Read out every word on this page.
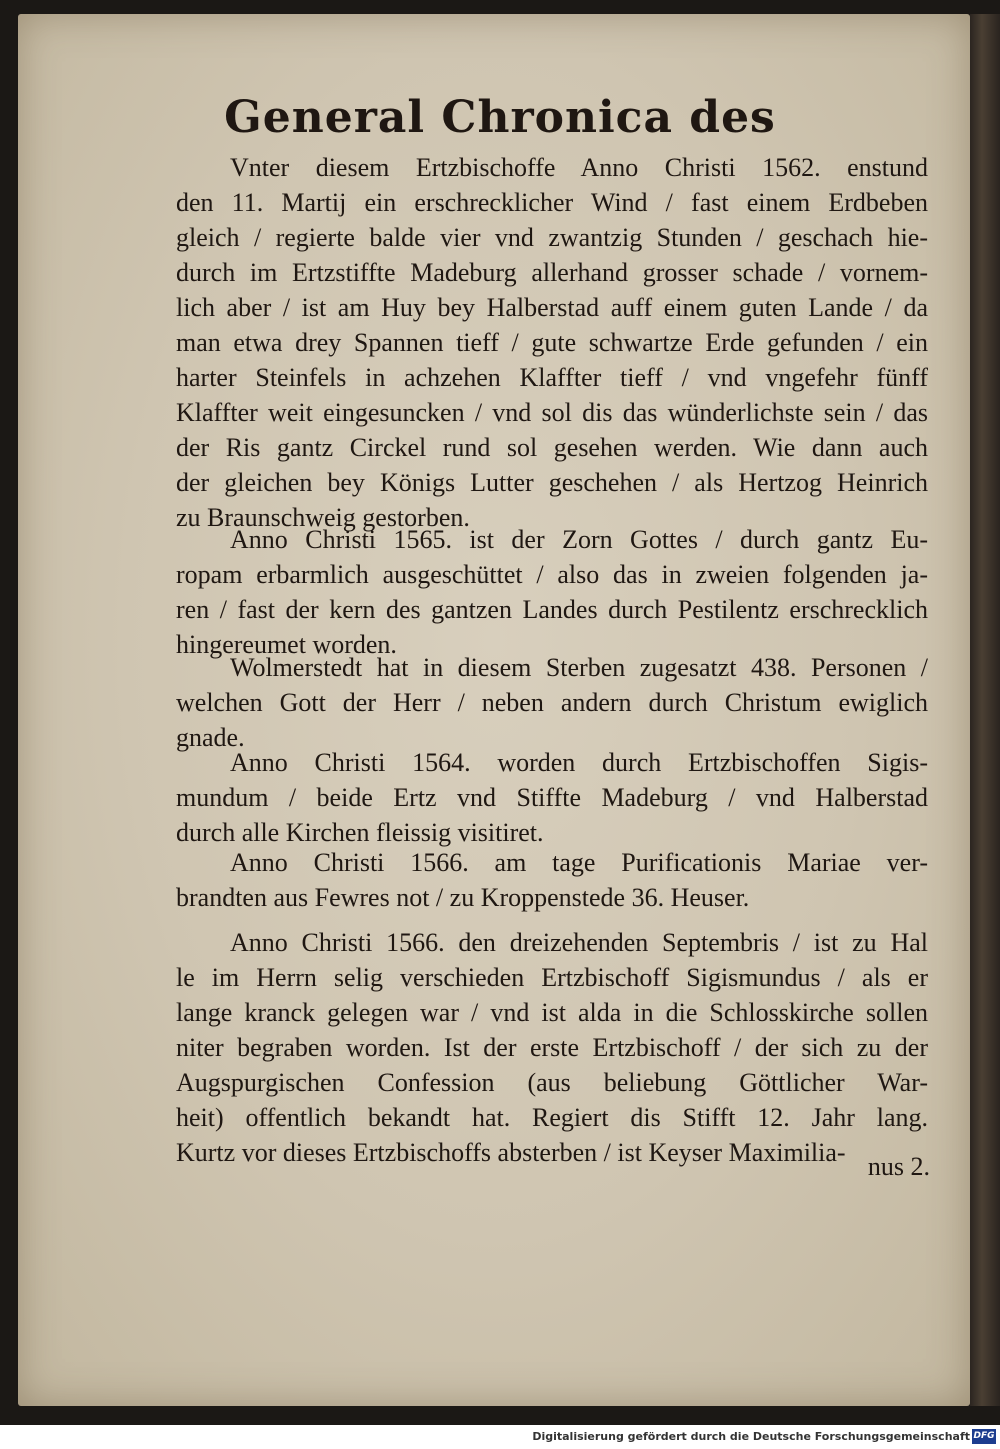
General Chronica des
Vnter diesem Ertzbischoffe Anno Christi 1562. enstund
den 11. Martij ein erschrecklicher Wind / fast einem Erdbeben
gleich / regierte balde vier vnd zwantzig Stunden / geschach hie-
durch im Ertzstiffte Madeburg allerhand grosser schade / vornem-
lich aber / ist am Huy bey Halberstad auff einem guten Lande / da
man etwa drey Spannen tieff / gute schwartze Erde gefunden / ein
harter Steinfels in achzehen Klaffter tieff / vnd vngefehr fünff
Klaffter weit eingesuncken / vnd sol dis das wünderlichste sein / das
der Ris gantz Circkel rund sol gesehen werden. Wie dann auch
der gleichen bey Königs Lutter geschehen / als Hertzog Heinrich
zu Braunschweig gestorben.
Anno Christi 1565. ist der Zorn Gottes / durch gantz Eu-
ropam erbarmlich ausgeschüttet / also das in zweien folgenden ja-
ren / fast der kern des gantzen Landes durch Pestilentz erschrecklich
hingereumet worden.
Wolmerstedt hat in diesem Sterben zugesatzt 438. Personen /
welchen Gott der Herr / neben andern durch Christum ewiglich
gnade.
Anno Christi 1564. worden durch Ertzbischoffen Sigis-
mundum / beide Ertz vnd Stiffte Madeburg / vnd Halberstad
durch alle Kirchen fleissig visitiret.
Anno Christi 1566. am tage Purificationis Mariae ver-
brandten aus Fewres not / zu Kroppenstede 36. Heuser.
Anno Christi 1566. den dreizehenden Septembris / ist zu Hal
le im Herrn selig verschieden Ertzbischoff Sigismundus / als er
lange kranck gelegen war / vnd ist alda in die Schlosskirche sollen
niter begraben worden. Ist der erste Ertzbischoff / der sich zu der
Augspurgischen Confession (aus beliebung Göttlicher War-
heit) offentlich bekandt hat. Regiert dis Stifft 12. Jahr lang.
Kurtz vor dieses Ertzbischoffs absterben / ist Keyser Maximilia- nus 2.
Digitalisierung gefördert durch die Deutsche Forschungsgemeinschaft DFG
